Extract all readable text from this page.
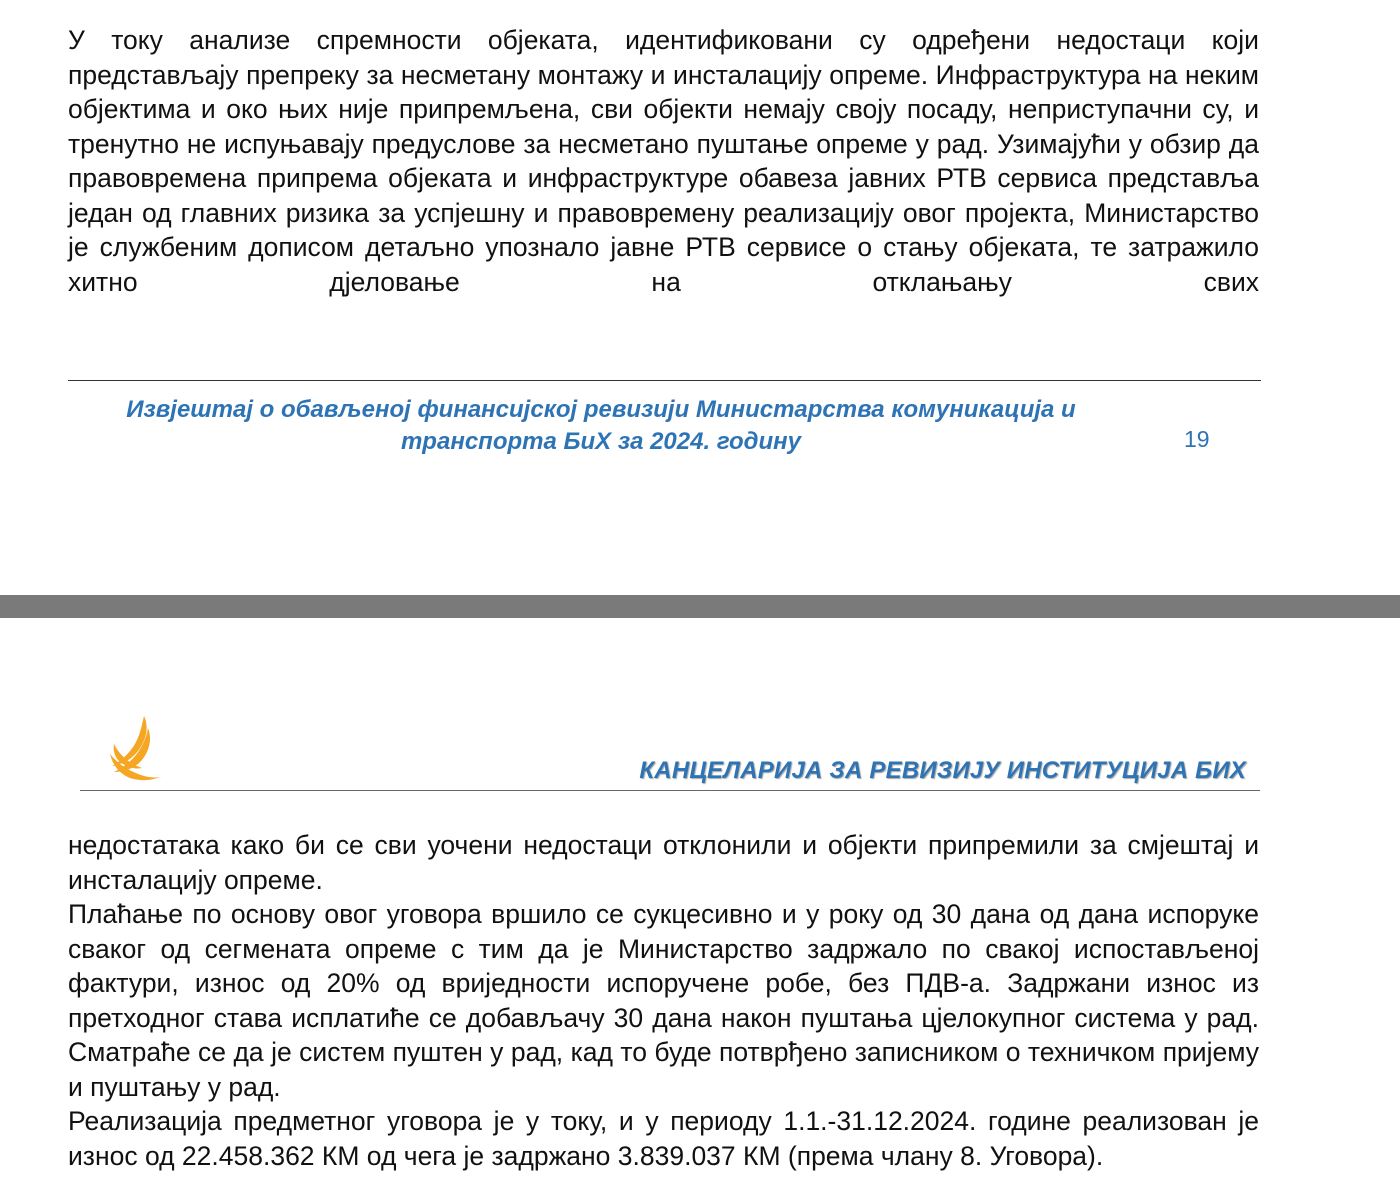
У току анализе спремности објеката, идентификовани су одређени недостаци који представљају препреку за несметану монтажу и инсталацију опреме. Инфраструктура на неким објектима и око њих није припремљена, сви објекти немају своју посаду, неприступачни су, и тренутно не испуњавају предуслове за несметано пуштање опреме у рад. Узимајући у обзир да правовремена припрема објеката и инфраструктуре обавеза јавних РТВ сервиса представља један од главних ризика за успјешну и правовремену реализацију овог пројекта, Министарство је службеним дописом детаљно упознало јавне РТВ сервисе о стању објеката, те затражило хитно дјеловање на отклањању свих

Извјештај о обављеној финансијској ревизији Министарства комуникација и
транспорта БиХ за 2024. годину	19
КАНЦЕЛАРИЈА ЗА РЕВИЗИЈУ ИНСТИТУЦИЈА БИХ

недостатака како би се сви уочени недостаци отклонили и објекти припремили за смјештај и инсталацију опреме.

Плаћање по основу овог уговора вршило се сукцесивно и у року од 30 дана од дана испоруке сваког од сегмената опреме с тим да је Министарство задржало по свакој испостављеној фактури, износ од 20% од вриједности испоручене робе, без ПДВ-а. Задржани износ из претходног става исплатиће се добављачу 30 дана након пуштања цјелокупног система у рад. Сматраће се да је систем пуштен у рад, кад то буде потврђено записником о техничком пријему и пуштању у рад.

Реализација предметног уговора је у току, и у периоду 1.1.-31.12.2024. године реализован је износ од 22.458.362 КМ од чега је задржано 3.839.037 КМ (према члану 8. Уговора).
